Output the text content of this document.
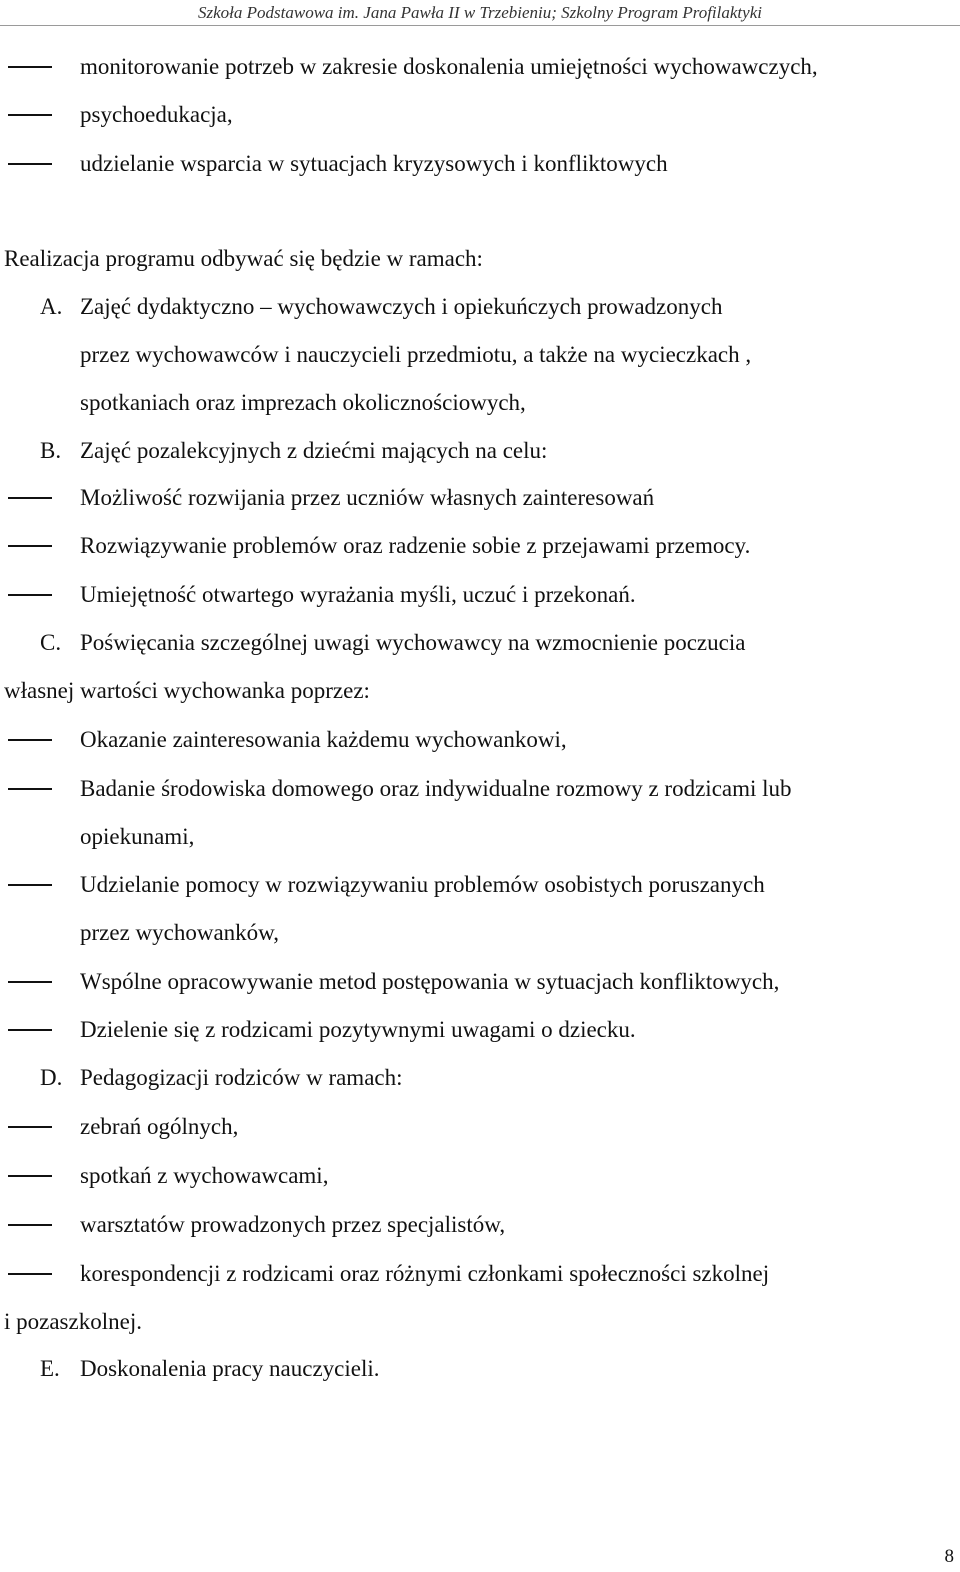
Szkoła Podstawowa im. Jana Pawła II w Trzebieniu; Szkolny Program Profilaktyki
monitorowanie potrzeb w zakresie doskonalenia umiejętności wychowawczych,
psychoedukacja,
udzielanie wsparcia w sytuacjach kryzysowych i konfliktowych
Realizacja programu odbywać się będzie w ramach:
A. Zajęć dydaktyczno – wychowawczych i opiekuńczych prowadzonych
przez wychowawców i nauczycieli przedmiotu, a także na wycieczkach ,
spotkaniach oraz imprezach okolicznościowych,
B. Zajęć pozalekcyjnych z dziećmi mających na celu:
Możliwość rozwijania przez uczniów własnych zainteresowań
Rozwiązywanie problemów oraz radzenie sobie z przejawami przemocy.
Umiejętność otwartego wyrażania myśli, uczuć i przekonań.
C. Poświęcania szczególnej uwagi wychowawcy na wzmocnienie poczucia
własnej wartości wychowanka poprzez:
Okazanie zainteresowania każdemu wychowankowi,
Badanie środowiska domowego oraz indywidualne rozmowy z rodzicami lub
opiekunami,
Udzielanie pomocy w rozwiązywaniu problemów osobistych poruszanych
przez wychowanków,
Wspólne opracowywanie metod postępowania w sytuacjach konfliktowych,
Dzielenie się z rodzicami pozytywnymi uwagami o dziecku.
D. Pedagogizacji rodziców w ramach:
zebrań ogólnych,
spotkań z wychowawcami,
warsztatów prowadzonych przez specjalistów,
korespondencji z rodzicami oraz różnymi członkami społeczności szkolnej
i pozaszkolnej.
E. Doskonalenia pracy nauczycieli.
8
